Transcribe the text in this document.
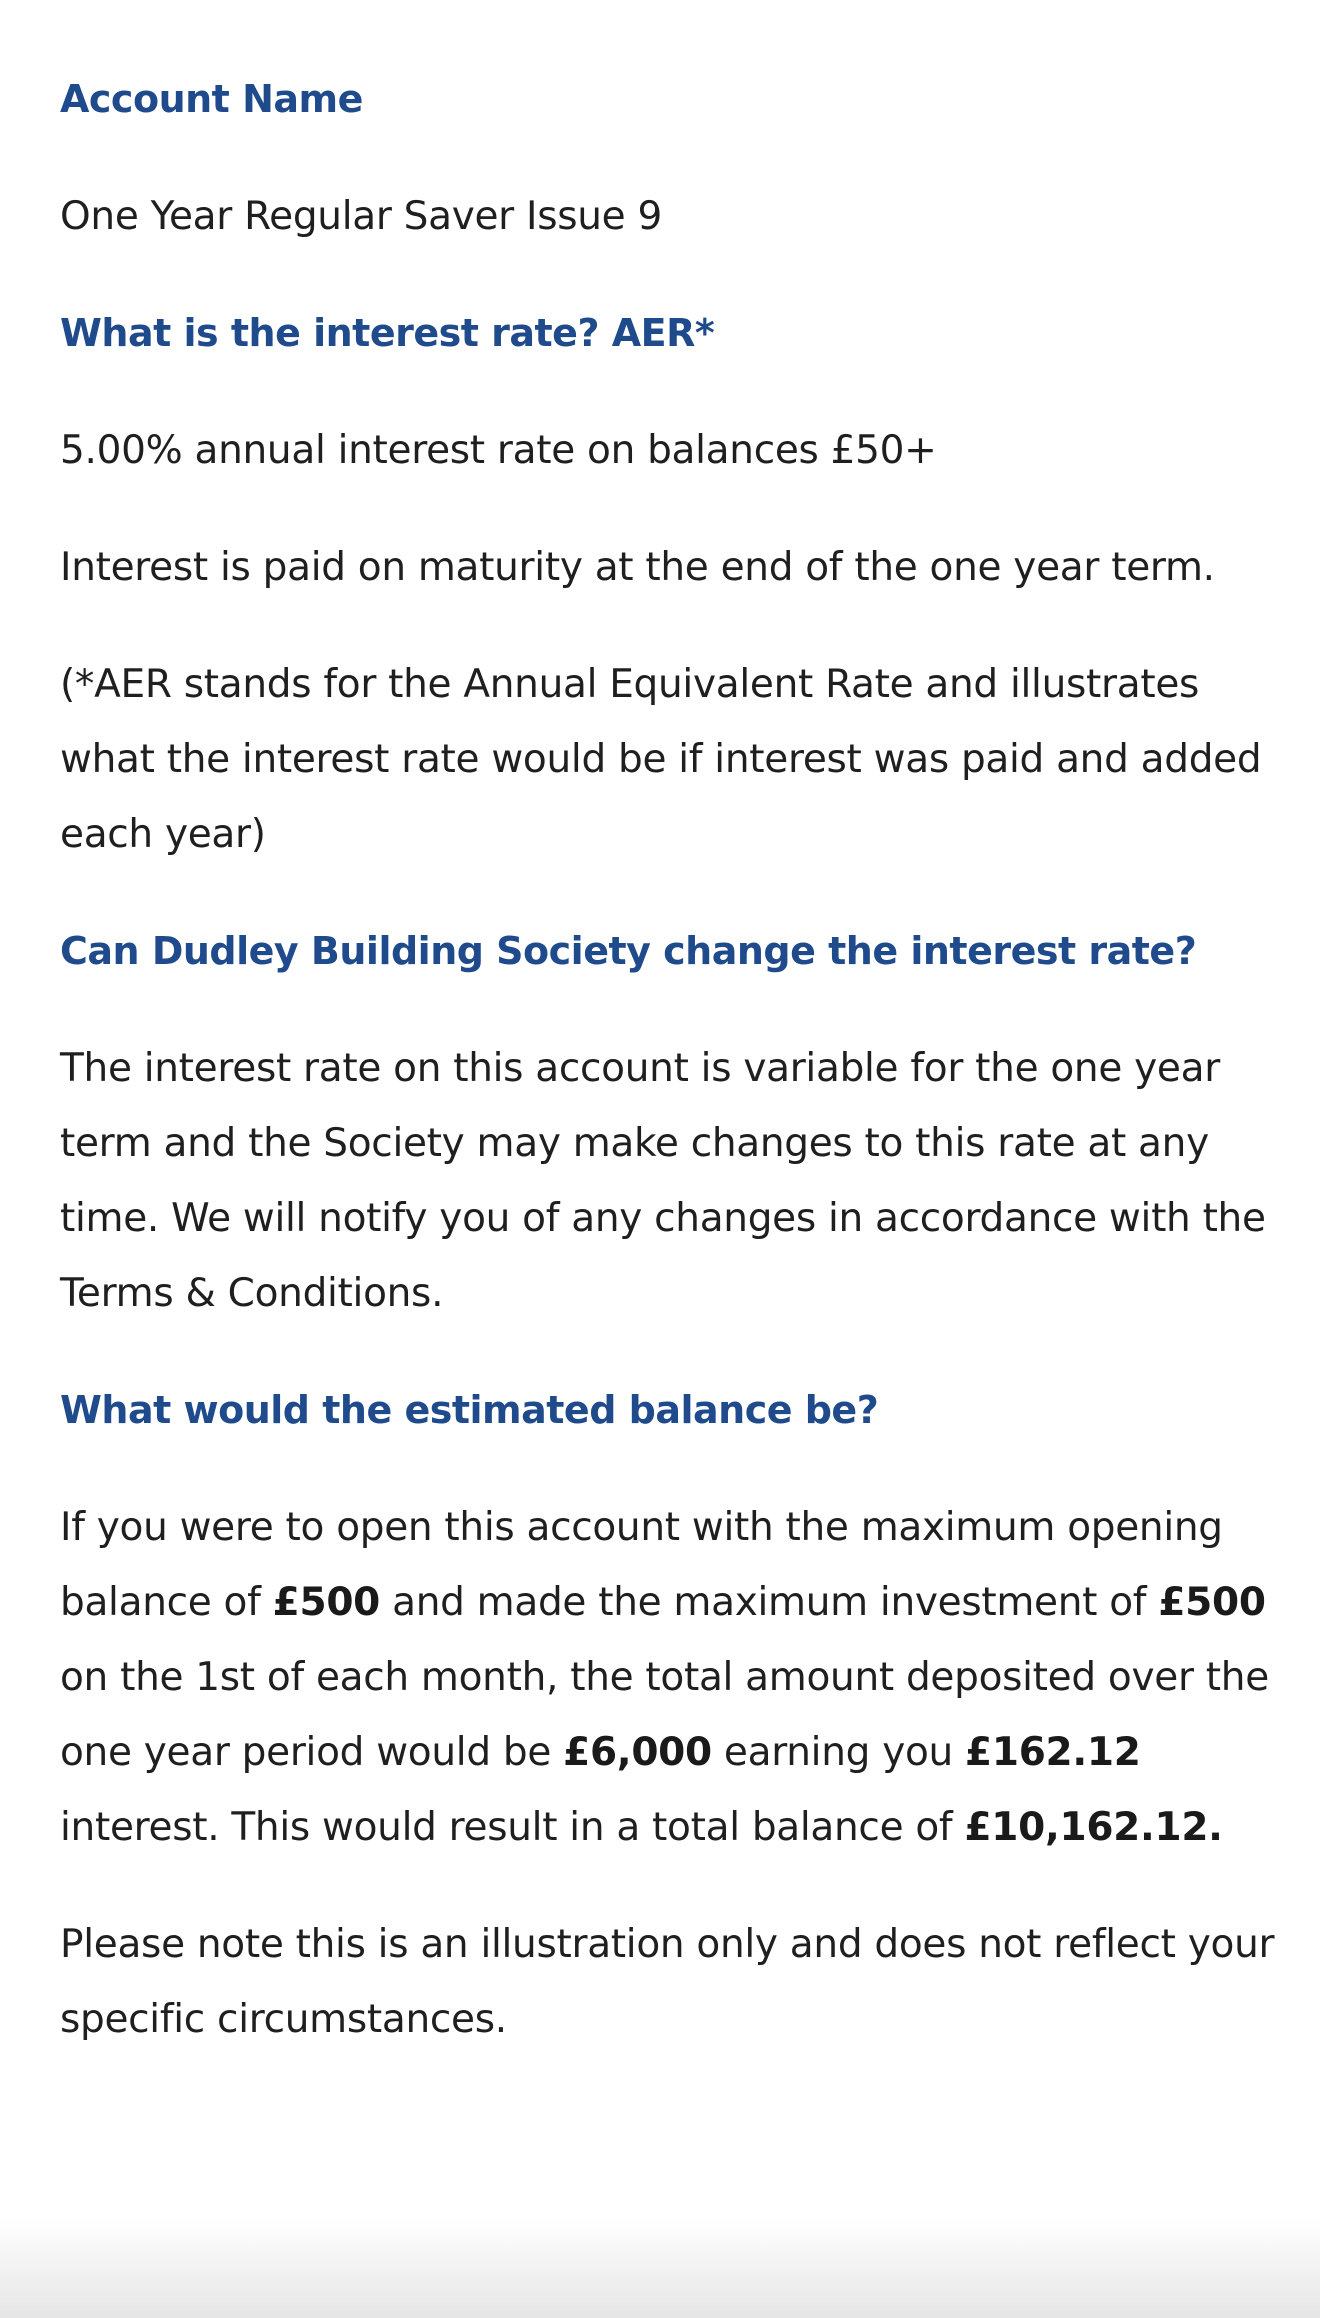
Account Name

One Year Regular Saver Issue 9

What is the interest rate? AER*

5.00% annual interest rate on balances £50+

Interest is paid on maturity at the end of the one year term.

(*AER stands for the Annual Equivalent Rate and illustrates what the interest rate would be if interest was paid and added each year)

Can Dudley Building Society change the interest rate?

The interest rate on this account is variable for the one year term and the Society may make changes to this rate at any time. We will notify you of any changes in accordance with the Terms & Conditions.

What would the estimated balance be?

If you were to open this account with the maximum opening balance of £500 and made the maximum investment of £500 on the 1st of each month, the total amount deposited over the one year period would be £6,000 earning you £162.12 interest. This would result in a total balance of £10,162.12.

Please note this is an illustration only and does not reflect your specific circumstances.
